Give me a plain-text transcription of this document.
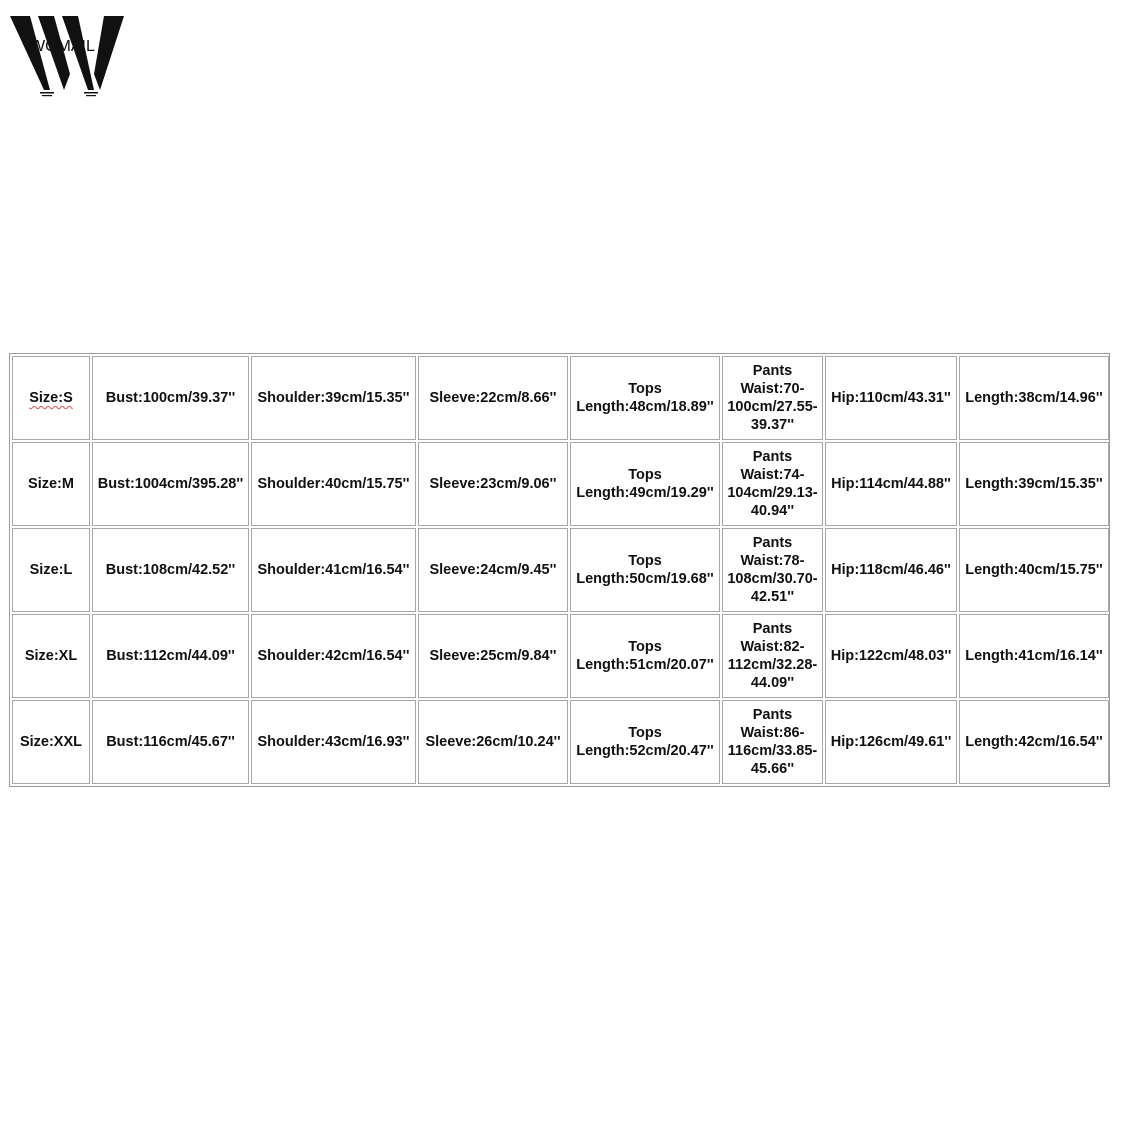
WOMAIL
Size:S	Bust:100cm/39.37''	Shoulder:39cm/15.35''	Sleeve:22cm/8.66''	Tops Length:48cm/18.89''	Pants Waist:70-100cm/27.55-39.37''	Hip:110cm/43.31''	Length:38cm/14.96''
Size:M	Bust:1004cm/395.28''	Shoulder:40cm/15.75''	Sleeve:23cm/9.06''	Tops Length:49cm/19.29''	Pants Waist:74-104cm/29.13-40.94''	Hip:114cm/44.88''	Length:39cm/15.35''
Size:L	Bust:108cm/42.52''	Shoulder:41cm/16.54''	Sleeve:24cm/9.45''	Tops Length:50cm/19.68''	Pants Waist:78-108cm/30.70-42.51''	Hip:118cm/46.46''	Length:40cm/15.75''
Size:XL	Bust:112cm/44.09''	Shoulder:42cm/16.54''	Sleeve:25cm/9.84''	Tops Length:51cm/20.07''	Pants Waist:82-112cm/32.28-44.09''	Hip:122cm/48.03''	Length:41cm/16.14''
Size:XXL	Bust:116cm/45.67''	Shoulder:43cm/16.93''	Sleeve:26cm/10.24''	Tops Length:52cm/20.47''	Pants Waist:86-116cm/33.85-45.66''	Hip:126cm/49.61''	Length:42cm/16.54''
